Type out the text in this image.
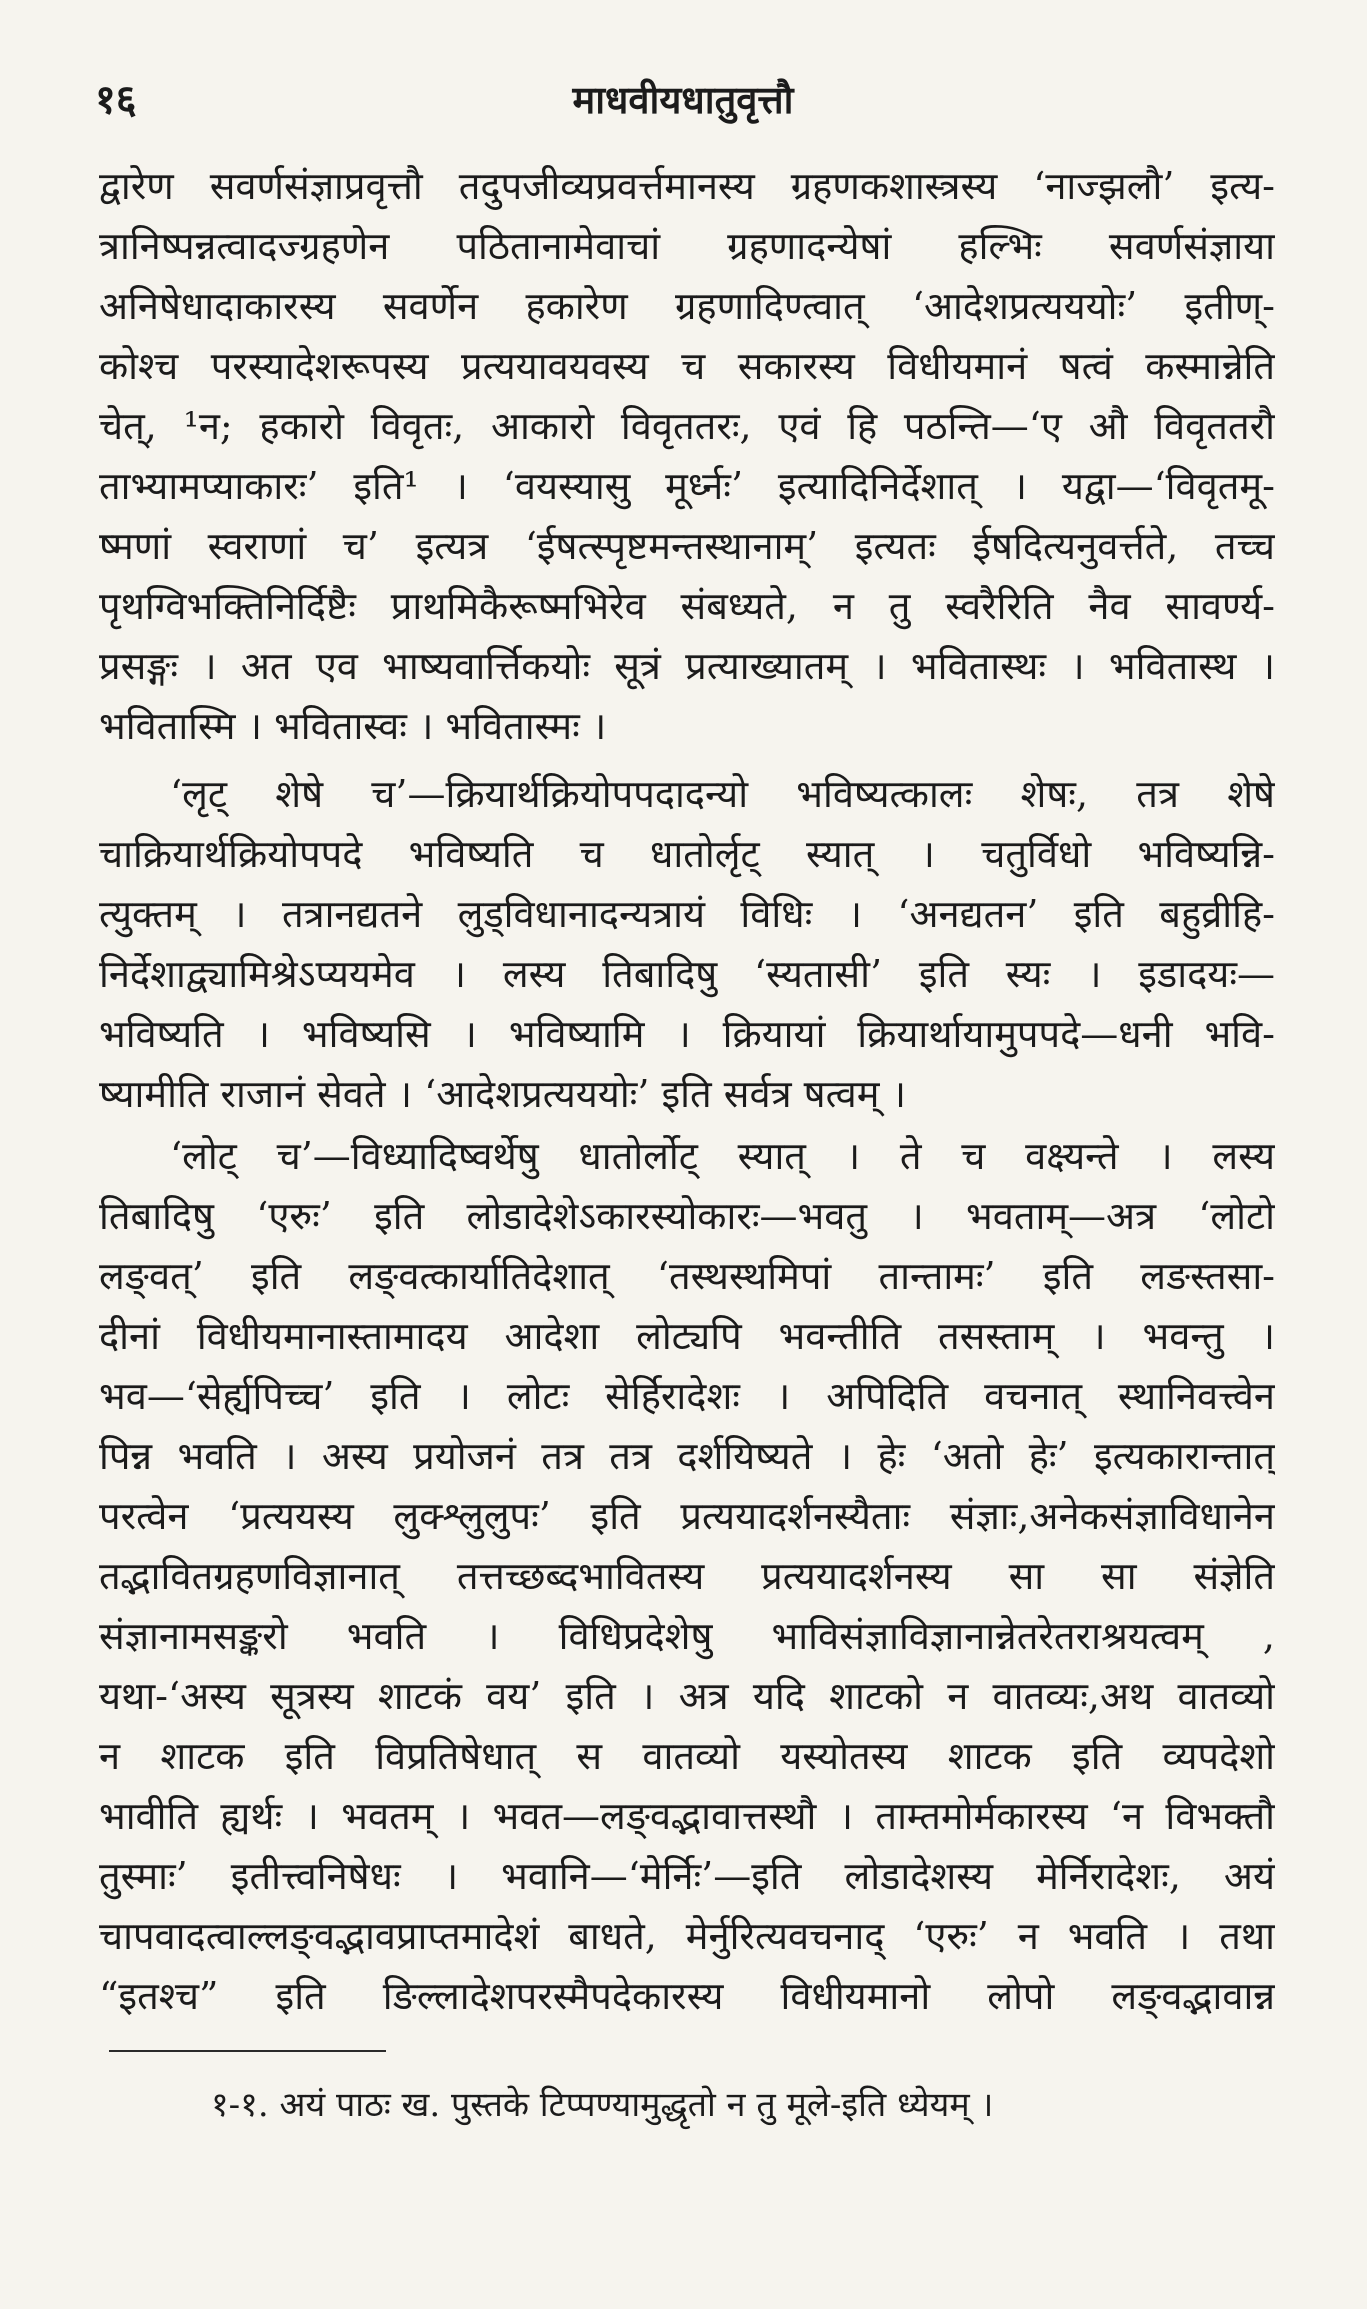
१६	माधवीयधातुवृत्तौ
द्वारेण सवर्णसंज्ञाप्रवृत्तौ तदुपजीव्यप्रवर्त्तमानस्य ग्रहणकशास्त्रस्य ‘नाज्झलौ’ इत्य-
त्रानिष्पन्नत्वादज्ग्रहणेन पठितानामेवाचां ग्रहणादन्येषां हल्भिः सवर्णसंज्ञाया
अनिषेधादाकारस्य सवर्णेन हकारेण ग्रहणादिण्त्वात् ‘आदेशप्रत्यययोः’ इतीण्-
कोश्च परस्यादेशरूपस्य प्रत्ययावयवस्य च सकारस्य विधीयमानं षत्वं कस्मान्नेति
चेत्, ¹न; हकारो विवृतः, आकारो विवृततरः, एवं हि पठन्ति—‘ए औ विवृततरौ
ताभ्यामप्याकारः’ इति¹ । ‘वयस्यासु मूर्ध्नः’ इत्यादिनिर्देशात् । यद्वा—‘विवृतमू-
ष्मणां स्वराणां च’ इत्यत्र ‘ईषत्स्पृष्टमन्तस्थानाम्’ इत्यतः ईषदित्यनुवर्त्तते, तच्च
पृथग्विभक्तिनिर्दिष्टैः प्राथमिकैरूष्मभिरेव संबध्यते, न तु स्वरैरिति नैव सावर्ण्य-
प्रसङ्गः । अत एव भाष्यवार्त्तिकयोः सूत्रं प्रत्याख्यातम् । भवितास्थः । भवितास्थ ।
भवितास्मि । भवितास्वः । भवितास्मः ।
‘लृट् शेषे च’—क्रियार्थक्रियोपपदादन्यो भविष्यत्कालः शेषः, तत्र शेषे
चाक्रियार्थक्रियोपपदे भविष्यति च धातोर्लृट् स्यात् । चतुर्विधो भविष्यन्नि-
त्युक्तम् । तत्रानद्यतने लुड्विधानादन्यत्रायं विधिः । ‘अनद्यतन’ इति बहुव्रीहि-
निर्देशाद्व्यामिश्रेऽप्ययमेव । लस्य तिबादिषु ‘स्यतासी’ इति स्यः । इडादयः—
भविष्यति । भविष्यसि । भविष्यामि । क्रियायां क्रियार्थायामुपपदे—धनी भवि-
ष्यामीति राजानं सेवते । ‘आदेशप्रत्यययोः’ इति सर्वत्र षत्वम् ।
‘लोट् च’—विध्यादिष्वर्थेषु धातोर्लोट् स्यात् । ते च वक्ष्यन्ते । लस्य
तिबादिषु ‘एरुः’ इति लोडादेशेऽकारस्योकारः—भवतु । भवताम्—अत्र ‘लोटो
लङ्वत्’ इति लङ्वत्कार्यातिदेशात् ‘तस्थस्थमिपां तान्तामः’ इति लङस्तसा-
दीनां विधीयमानास्तामादय आदेशा लोट्यपि भवन्तीति तसस्ताम् । भवन्तु ।
भव—‘सेर्ह्यपिच्च’ इति । लोटः सेर्हिरादेशः । अपिदिति वचनात् स्थानिवत्त्वेन
पिन्न भवति । अस्य प्रयोजनं तत्र तत्र दर्शयिष्यते । हेः ‘अतो हेः’ इत्यकारान्तात्
परत्वेन ‘प्रत्ययस्य लुक्श्लुलुपः’ इति प्रत्ययादर्शनस्यैताः संज्ञाः,अनेकसंज्ञाविधानेन
तद्भावितग्रहणविज्ञानात् तत्तच्छब्दभावितस्य प्रत्ययादर्शनस्य सा सा संज्ञेति
संज्ञानामसङ्करो भवति । विधिप्रदेशेषु भाविसंज्ञाविज्ञानान्नेतरेतराश्रयत्वम् ,
यथा-‘अस्य सूत्रस्य शाटकं वय’ इति । अत्र यदि शाटको न वातव्यः,अथ वातव्यो
न शाटक इति विप्रतिषेधात् स वातव्यो यस्योतस्य शाटक इति व्यपदेशो
भावीति ह्यर्थः । भवतम् । भवत—लङ्वद्भावात्तस्थौ । ताम्तमोर्मकारस्य ‘न विभक्तौ
तुस्माः’ इतीत्त्वनिषेधः । भवानि—‘मेर्निः’—इति लोडादेशस्य मेर्निरादेशः, अयं
चापवादत्वाल्लङ्वद्भावप्राप्तमादेशं बाधते, मेर्नुरित्यवचनाद् ‘एरुः’ न भवति । तथा
“इतश्च” इति ङिल्लादेशपरस्मैपदेकारस्य विधीयमानो लोपो लङ्वद्भावान्न
१-१. अयं पाठः ख. पुस्तके टिप्पण्यामुद्धृतो न तु मूले-इति ध्येयम् ।
